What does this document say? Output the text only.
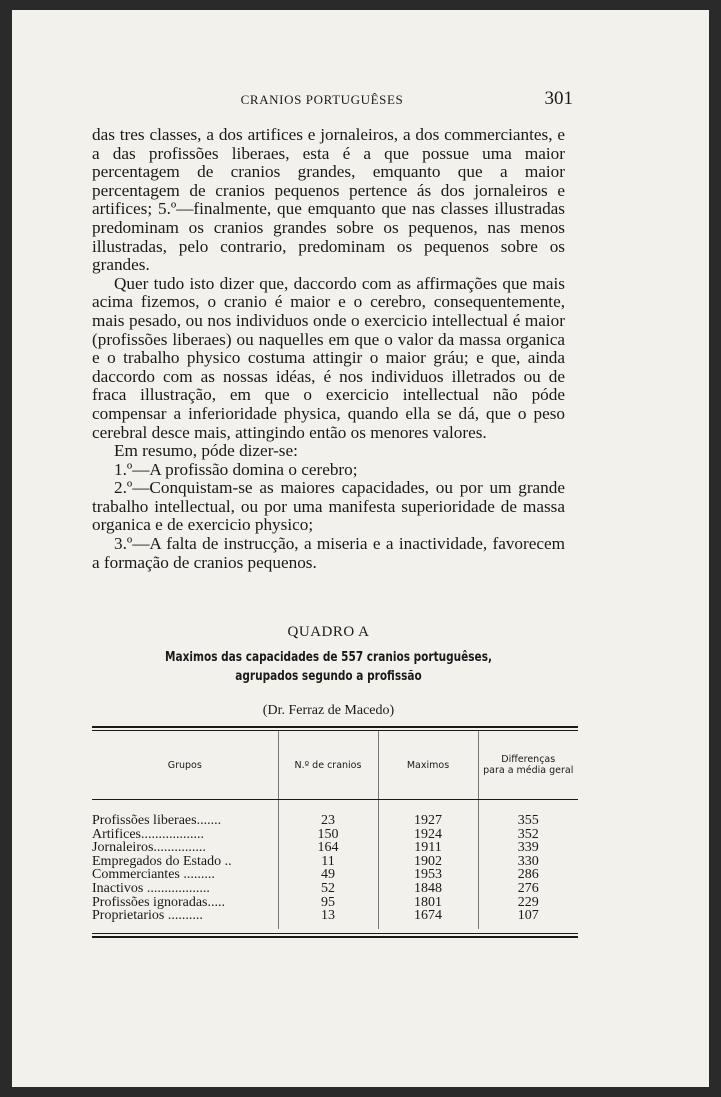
CRANIOS PORTUGUÊSES	301

das tres classes, a dos artifices e jornaleiros, a dos commerciantes, e a das profissões liberaes, esta é a que possue uma maior percentagem de cranios grandes, emquanto que a maior percentagem de cranios pequenos pertence ás dos jornaleiros e artifices; 5.º—finalmente, que emquanto que nas classes illustradas predominam os cranios grandes sobre os pequenos, nas menos illustradas, pelo contrario, predominam os pequenos sobre os grandes.

Quer tudo isto dizer que, daccordo com as affirmações que mais acima fizemos, o cranio é maior e o cerebro, consequentemente, mais pesado, ou nos individuos onde o exercicio intellectual é maior (profissões liberaes) ou naquelles em que o valor da massa organica e o trabalho physico costuma attingir o maior gráu; e que, ainda daccordo com as nossas idéas, é nos individuos illetrados ou de fraca illustração, em que o exercicio intellectual não póde compensar a inferioridade physica, quando ella se dá, que o peso cerebral desce mais, attingindo então os menores valores.

Em resumo, póde dizer-se:

1.º—A profissão domina o cerebro;

2.º—Conquistam-se as maiores capacidades, ou por um grande trabalho intellectual, ou por uma manifesta superioridade de massa organica e de exercicio physico;

3.º—A falta de instrucção, a miseria e a inactividade, favorecem a formação de cranios pequenos.

QUADRO A
Maximos das capacidades de 557 cranios portuguêses,
agrupados segundo a profissão
(Dr. Ferraz de Macedo)
Grupos	N.º de cranios	Maximos	Differenças
para a média geral

Profissões liberaes.......	23	1927	355
Artifices..................	150	1924	352
Jornaleiros...............	164	1911	339
Empregados do Estado ..	11	1902	330
Commerciantes .........	49	1953	286
Inactivos ..................	52	1848	276
Profissões ignoradas.....	95	1801	229
Proprietarios ..........	13	1674	107
